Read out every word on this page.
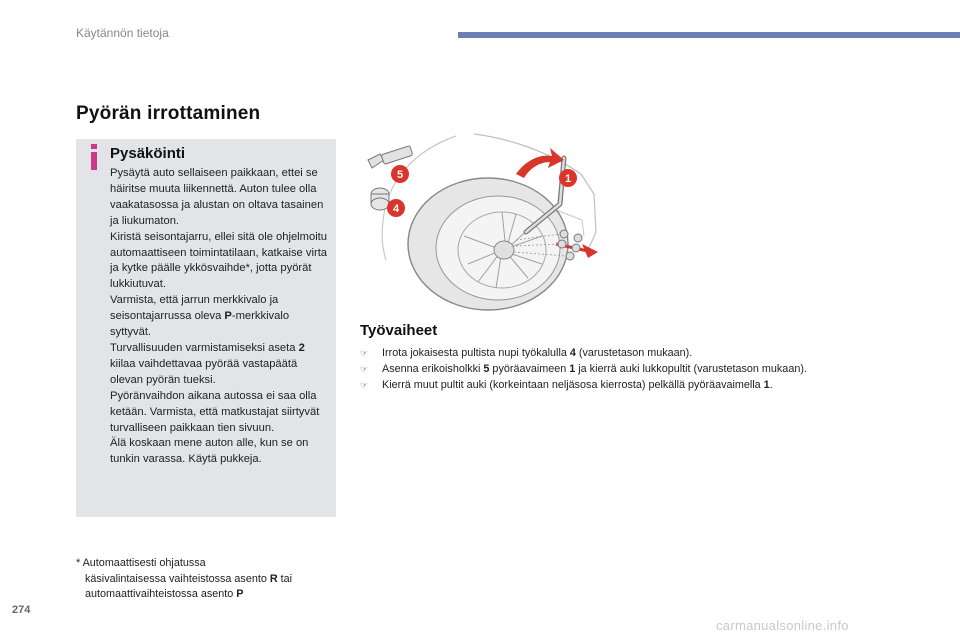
Käytännön tietoja
Pyörän irrottaminen
Pysäköinti

Pysäytä auto sellaiseen paikkaan, ettei se häiritse muuta liikennettä. Auton tulee olla vaakatasossa ja alustan on oltava tasainen ja liukumaton.

Kiristä seisontajarru, ellei sitä ole ohjelmoitu automaattiseen toimintatilaan, katkaise virta ja kytke päälle ykkösvaihde*, jotta pyörät lukkiutuvat.

Varmista, että jarrun merkkivalo ja seisontajarrussa oleva P-merkkivalo syttyvät.

Turvallisuuden varmistamiseksi aseta 2 kiilaa vaihdettavaa pyörää vastapäätä olevan pyörän tueksi.

Pyöränvaihdon aikana autossa ei saa olla ketään. Varmista, että matkustajat siirtyvät turvalliseen paikkaan tien sivuun.

Älä koskaan mene auton alle, kun se on tunkin varassa. Käytä pukkeja.

* Automaattisesti ohjatussa
käsivalintaisessa vaihteistossa asento R tai
automaattivaihteistossa asento P
5
4
1
Työvaiheet
☞ Irrota jokaisesta pultista nupi työkalulla 4 (varustetason mukaan).
☞ Asenna erikoisholkki 5 pyöräavaimeen 1 ja kierrä auki lukkopultit (varustetason mukaan).
☞ Kierrä muut pultit auki (korkeintaan neljäsosa kierrosta) pelkällä pyöräavaimella 1.
274
carmanualsonline.info
